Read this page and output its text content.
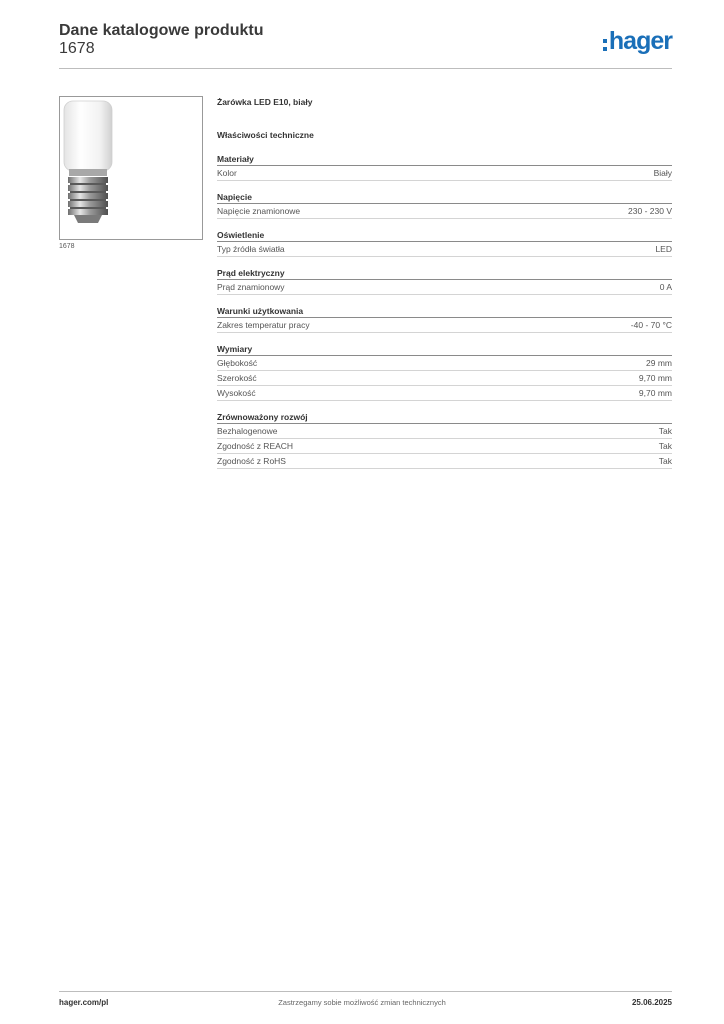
Dane katalogowe produktu
1678	hager
1678
Żarówka LED E10, biały
Właściwości techniczne
Materiały
Kolor	Biały
Napięcie
Napięcie znamionowe	230 - 230 V
Oświetlenie
Typ źródła światła	LED
Prąd elektryczny
Prąd znamionowy	0 A
Warunki użytkowania
Zakres temperatur pracy	-40 - 70 °C
Wymiary
Głębokość	29 mm
Szerokość	9,70 mm
Wysokość	9,70 mm
Zrównoważony rozwój
Bezhalogenowe	Tak
Zgodność z REACH	Tak
Zgodność z RoHS	Tak
hager.com/pl	Zastrzegamy sobie możliwość zmian technicznych	25.06.2025
